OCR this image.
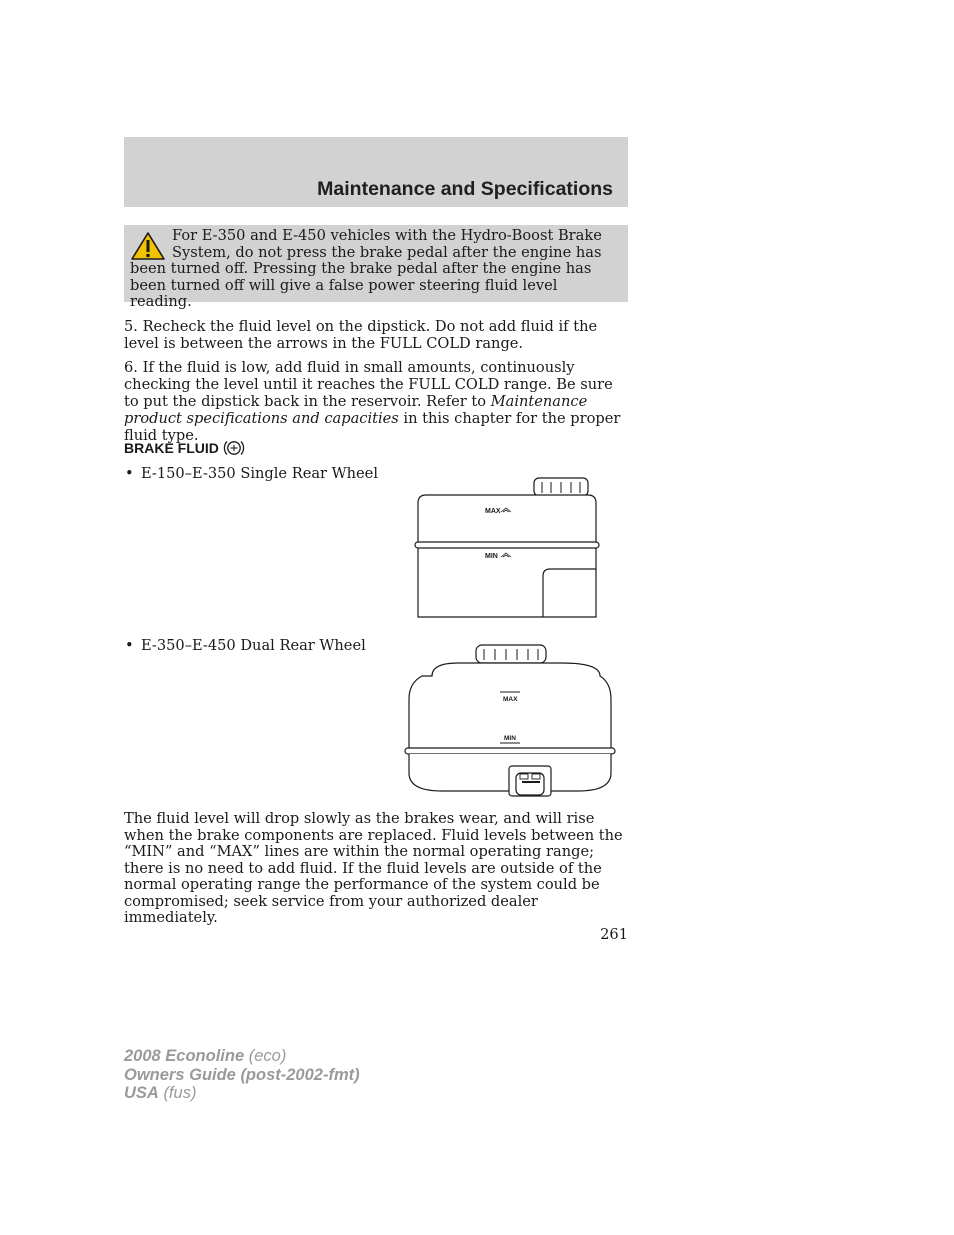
Maintenance and Specifications

For E-350 and E-450 vehicles with the Hydro-Boost Brake System, do not press the brake pedal after the engine has been turned off. Pressing the brake pedal after the engine has been turned off will give a false power steering fluid level reading.

5. Recheck the fluid level on the dipstick. Do not add fluid if the level is between the arrows in the FULL COLD range.

6. If the fluid is low, add fluid in small amounts, continuously checking the level until it reaches the FULL COLD range. Be sure to put the dipstick back in the reservoir. Refer to Maintenance product specifications and capacities in this chapter for the proper fluid type.

BRAKE FLUID

• E-150–E-350 Single Rear Wheel

MAX
MIN

• E-350–E-450 Dual Rear Wheel

MAX
MIN

The fluid level will drop slowly as the brakes wear, and will rise when the brake components are replaced. Fluid levels between the “MIN” and “MAX” lines are within the normal operating range; there is no need to add fluid. If the fluid levels are outside of the normal operating range the performance of the system could be compromised; seek service from your authorized dealer immediately.

261

2008 Econoline (eco)
Owners Guide (post-2002-fmt)
USA (fus)
